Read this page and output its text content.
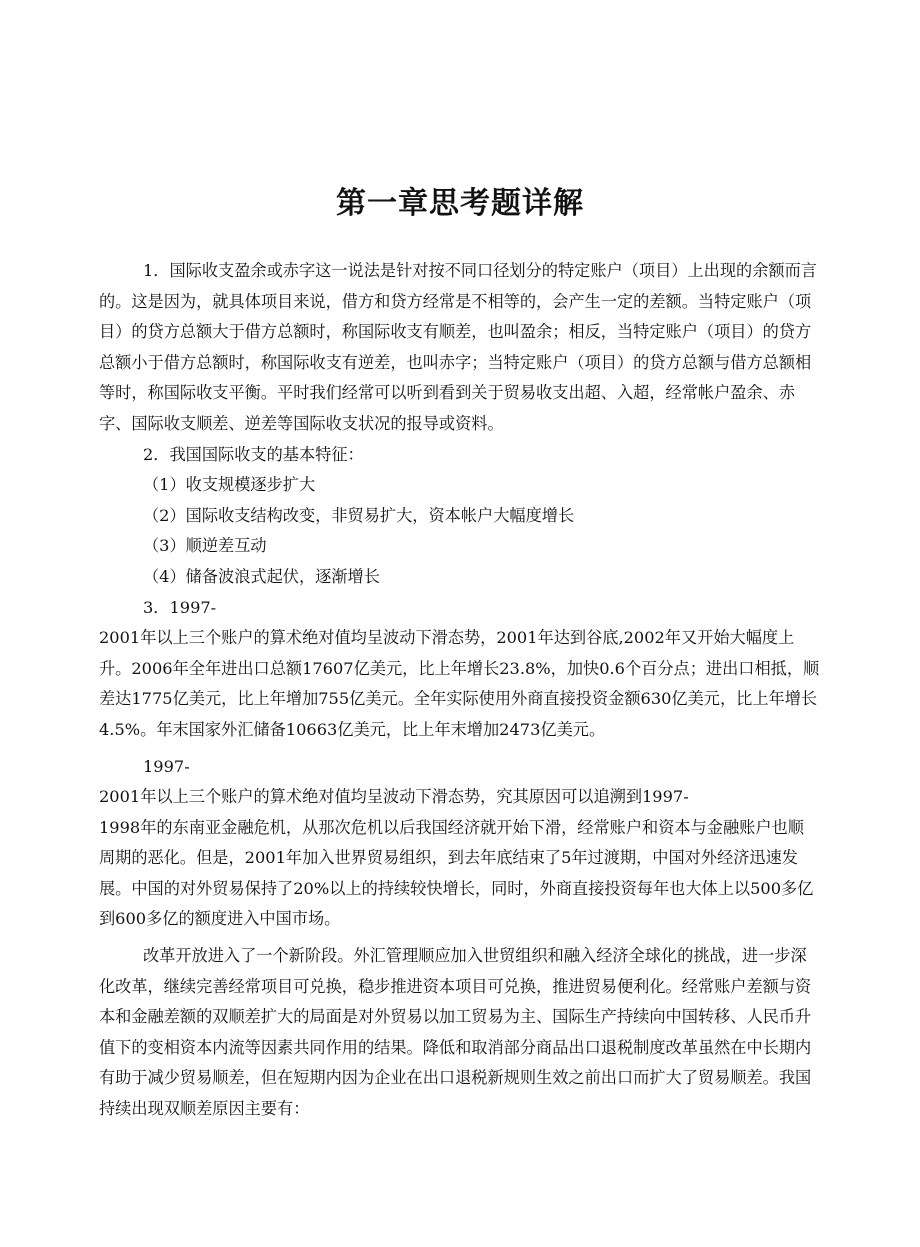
第一章思考题详解

1．国际收支盈余或赤字这一说法是针对按不同口径划分的特定账户（项目）上出现的余额而言的。这是因为，就具体项目来说，借方和贷方经常是不相等的，会产生一定的差额。当特定账户（项目）的贷方总额大于借方总额时，称国际收支有顺差，也叫盈余；相反，当特定账户（项目）的贷方总额小于借方总额时，称国际收支有逆差，也叫赤字；当特定账户（项目）的贷方总额与借方总额相等时，称国际收支平衡。平时我们经常可以听到看到关于贸易收支出超、入超，经常帐户盈余、赤字、国际收支顺差、逆差等国际收支状况的报导或资料。

2．我国国际收支的基本特征：

（1）收支规模逐步扩大

（2）国际收支结构改变，非贸易扩大，资本帐户大幅度增长

（3）顺逆差互动

（4）储备波浪式起伏，逐渐增长

3．1997-

2001年以上三个账户的算术绝对值均呈波动下滑态势，2001年达到谷底,2002年又开始大幅度上升。2006年全年进出口总额17607亿美元，比上年增长23.8%，加快0.6个百分点；进出口相抵，顺差达1775亿美元，比上年增加755亿美元。全年实际使用外商直接投资金额630亿美元，比上年增长4.5%。年末国家外汇储备10663亿美元，比上年末增加2473亿美元。

1997-

2001年以上三个账户的算术绝对值均呈波动下滑态势，究其原因可以追溯到1997-

1998年的东南亚金融危机，从那次危机以后我国经济就开始下滑，经常账户和资本与金融账户也顺周期的恶化。但是，2001年加入世界贸易组织，到去年底结束了5年过渡期，中国对外经济迅速发展。中国的对外贸易保持了20%以上的持续较快增长，同时，外商直接投资每年也大体上以500多亿到600多亿的额度进入中国市场。

改革开放进入了一个新阶段。外汇管理顺应加入世贸组织和融入经济全球化的挑战，进一步深化改革，继续完善经常项目可兑换，稳步推进资本项目可兑换，推进贸易便利化。经常账户差额与资本和金融差额的双顺差扩大的局面是对外贸易以加工贸易为主、国际生产持续向中国转移、人民币升值下的变相资本内流等因素共同作用的结果。降低和取消部分商品出口退税制度改革虽然在中长期内有助于减少贸易顺差，但在短期内因为企业在出口退税新规则生效之前出口而扩大了贸易顺差。我国持续出现双顺差原因主要有：
